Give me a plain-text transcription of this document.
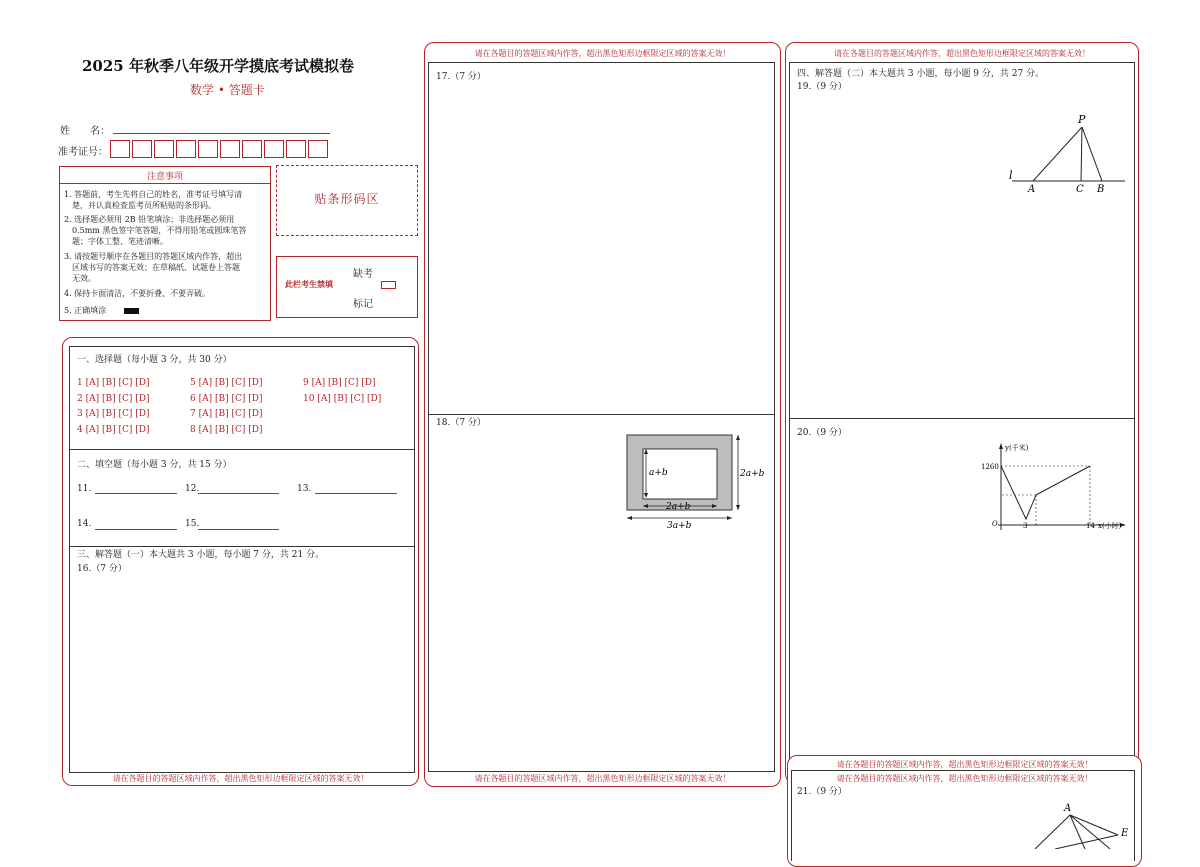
2025 年秋季八年级开学摸底考试模拟卷
数学 • 答题卡
姓　　名：
准考证号：
注意事项
1. 答题前，考生先将自己的姓名，准考证号填写清
　楚，并认真检查监考员所粘贴的条形码。
2. 选择题必须用 2B 铅笔填涂；非选择题必须用
　0.5mm 黑色签字笔答题，不得用铅笔或圆珠笔答
　题；字体工整、笔迹清晰。
3. 请按题号顺序在各题目的答题区域内作答，超出
　区域书写的答案无效；在草稿纸、试题卷上答题
　无效。
4. 保持卡面清洁，不要折叠、不要弄破。
5. 正确填涂
贴条形码区
此栏考生禁填
缺考
标记
一、选择题（每小题 3 分，共 30 分）
1 [A] [B] [C] [D]
2 [A] [B] [C] [D]
3 [A] [B] [C] [D]
4 [A] [B] [C] [D]
5 [A] [B] [C] [D]
6 [A] [B] [C] [D]
7 [A] [B] [C] [D]
8 [A] [B] [C] [D]
9 [A] [B] [C] [D]
10 [A] [B] [C] [D]
二、填空题（每小题 3 分，共 15 分）
11.	12.	13.
14.	15.
三、解答题（一）本大题共 3 小题，每小题 7 分，共 21 分。
16.（7 分）
请在各题目的答题区域内作答，超出黑色矩形边框限定区域的答案无效！
请在各题目的答题区域内作答，超出黑色矩形边框限定区域的答案无效！
17.（7 分）
18.（7 分）
请在各题目的答题区域内作答，超出黑色矩形边框限定区域的答案无效！
a+b
2a+b
2a+b
3a+b
请在各题目的答题区域内作答，超出黑色矩形边框限定区域的答案无效！
四、解答题（二）本大题共 3 小题，每小题 9 分，共 27 分。
19.（9 分）
20.（9 分）
P
l
A	C B
y(千米)
1260
O	3	14 x(小时)
请在各题目的答题区域内作答，超出黑色矩形边框限定区域的答案无效！
请在各题目的答题区域内作答，超出黑色矩形边框限定区域的答案无效！
21.（9 分）
A
E
